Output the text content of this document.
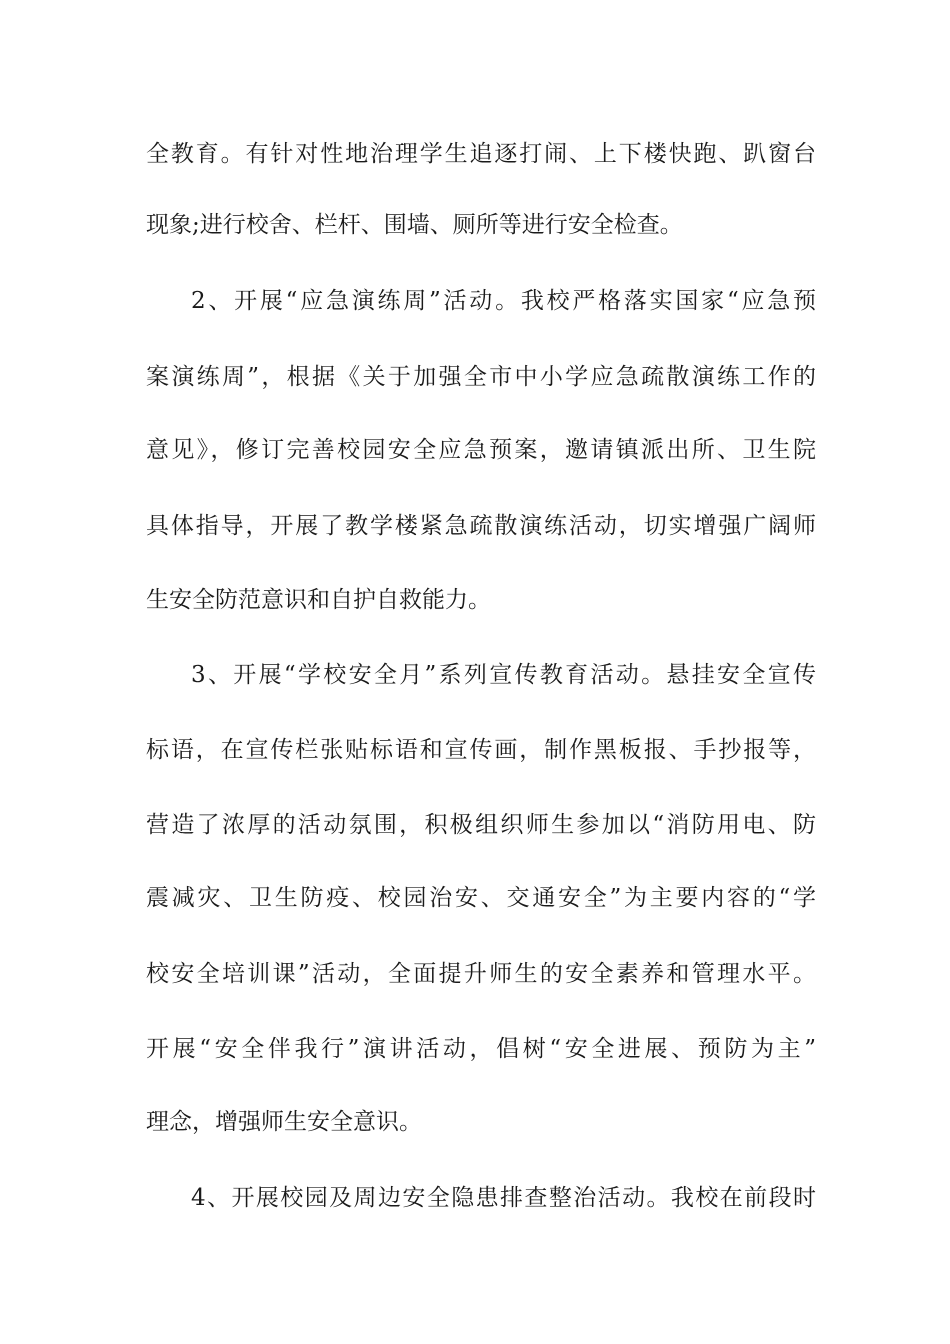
全教育。有针对性地治理学生追逐打闹、上下楼快跑、趴窗台
现象;进行校舍、栏杆、围墙、厕所等进行安全检查。
2、开展“应急演练周”活动。我校严格落实国家“应急预
案演练周”，根据《关于加强全市中小学应急疏散演练工作的
意见》，修订完善校园安全应急预案，邀请镇派出所、卫生院
具体指导，开展了教学楼紧急疏散演练活动，切实增强广阔师
生安全防范意识和自护自救能力。
3、开展“学校安全月”系列宣传教育活动。悬挂安全宣传
标语，在宣传栏张贴标语和宣传画，制作黑板报、手抄报等，
营造了浓厚的活动氛围，积极组织师生参加以“消防用电、防
震减灾、卫生防疫、校园治安、交通安全”为主要内容的“学
校安全培训课”活动，全面提升师生的安全素养和管理水平。
开展“安全伴我行”演讲活动，倡树“安全进展、预防为主”
理念，增强师生安全意识。
4、开展校园及周边安全隐患排查整治活动。我校在前段时
